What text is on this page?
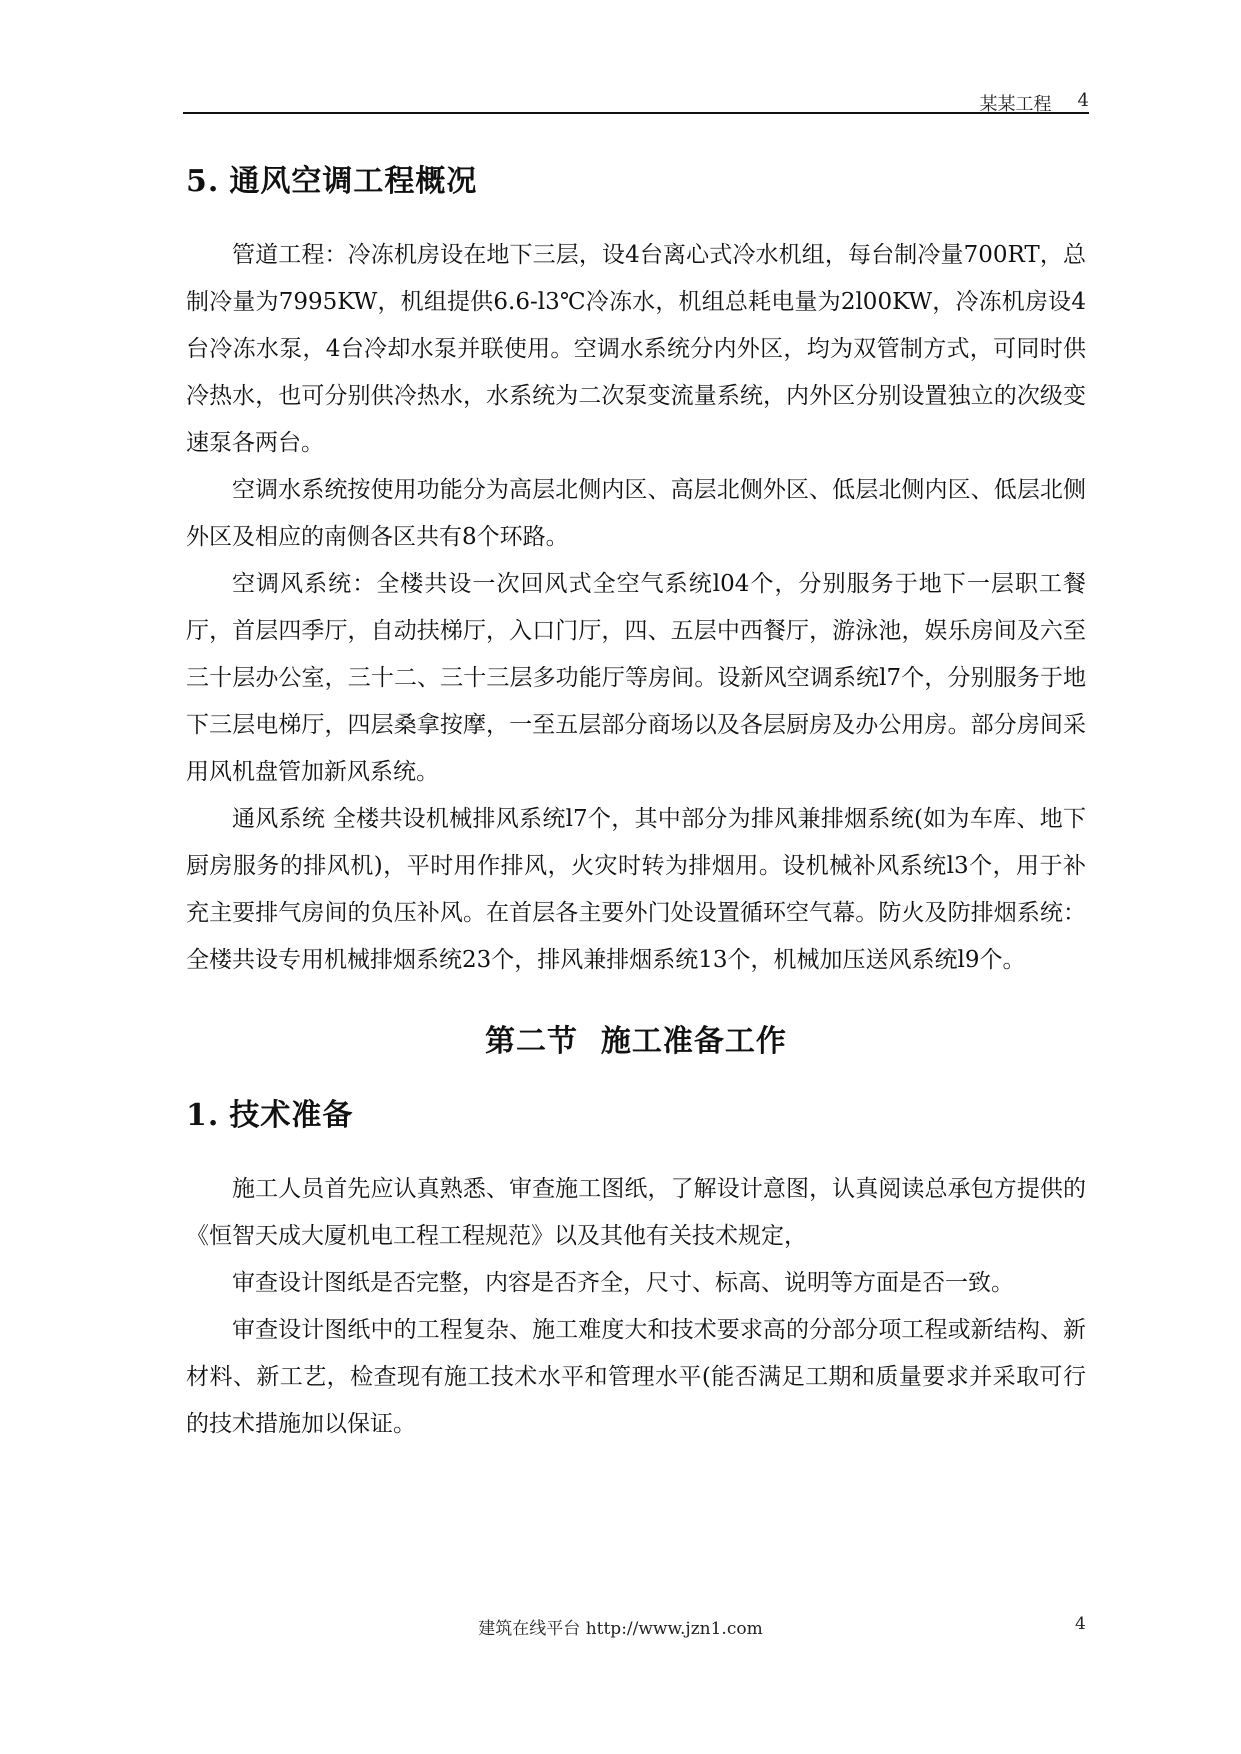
某某工程 4
5. 通风空调工程概况

管道工程：冷冻机房设在地下三层，设4台离心式冷水机组，每台制冷量700RT，总制冷量为7995KW，机组提供6.6-l3℃冷冻水，机组总耗电量为2l00KW，冷冻机房设4台冷冻水泵，4台冷却水泵并联使用。空调水系统分内外区，均为双管制方式，可同时供冷热水，也可分别供冷热水，水系统为二次泵变流量系统，内外区分别设置独立的次级变速泵各两台。

空调水系统按使用功能分为高层北侧内区、高层北侧外区、低层北侧内区、低层北侧外区及相应的南侧各区共有8个环路。

空调风系统：全楼共设一次回风式全空气系统l04个，分别服务于地下一层职工餐厅，首层四季厅，自动扶梯厅，入口门厅，四、五层中西餐厅，游泳池，娱乐房间及六至三十层办公室，三十二、三十三层多功能厅等房间。设新风空调系统l7个，分别服务于地下三层电梯厅，四层桑拿按摩，一至五层部分商场以及各层厨房及办公用房。部分房间采用风机盘管加新风系统。

通风系统 全楼共设机械排风系统l7个，其中部分为排风兼排烟系统(如为车库、地下厨房服务的排风机)，平时用作排风，火灾时转为排烟用。设机械补风系统l3个，用于补充主要排气房间的负压补风。在首层各主要外门处设置循环空气幕。防火及防排烟系统：全楼共设专用机械排烟系统23个，排风兼排烟系统13个，机械加压送风系统l9个。

第二节  施工准备工作
1. 技术准备

施工人员首先应认真熟悉、审查施工图纸，了解设计意图，认真阅读总承包方提供的《恒智天成大厦机电工程工程规范》以及其他有关技术规定，

审查设计图纸是否完整，内容是否齐全，尺寸、标高、说明等方面是否一致。

审查设计图纸中的工程复杂、施工难度大和技术要求高的分部分项工程或新结构、新材料、新工艺，检查现有施工技术水平和管理水平(能否满足工期和质量要求并采取可行的技术措施加以保证。

建筑在线平台 http://www.jzn1.com	4
